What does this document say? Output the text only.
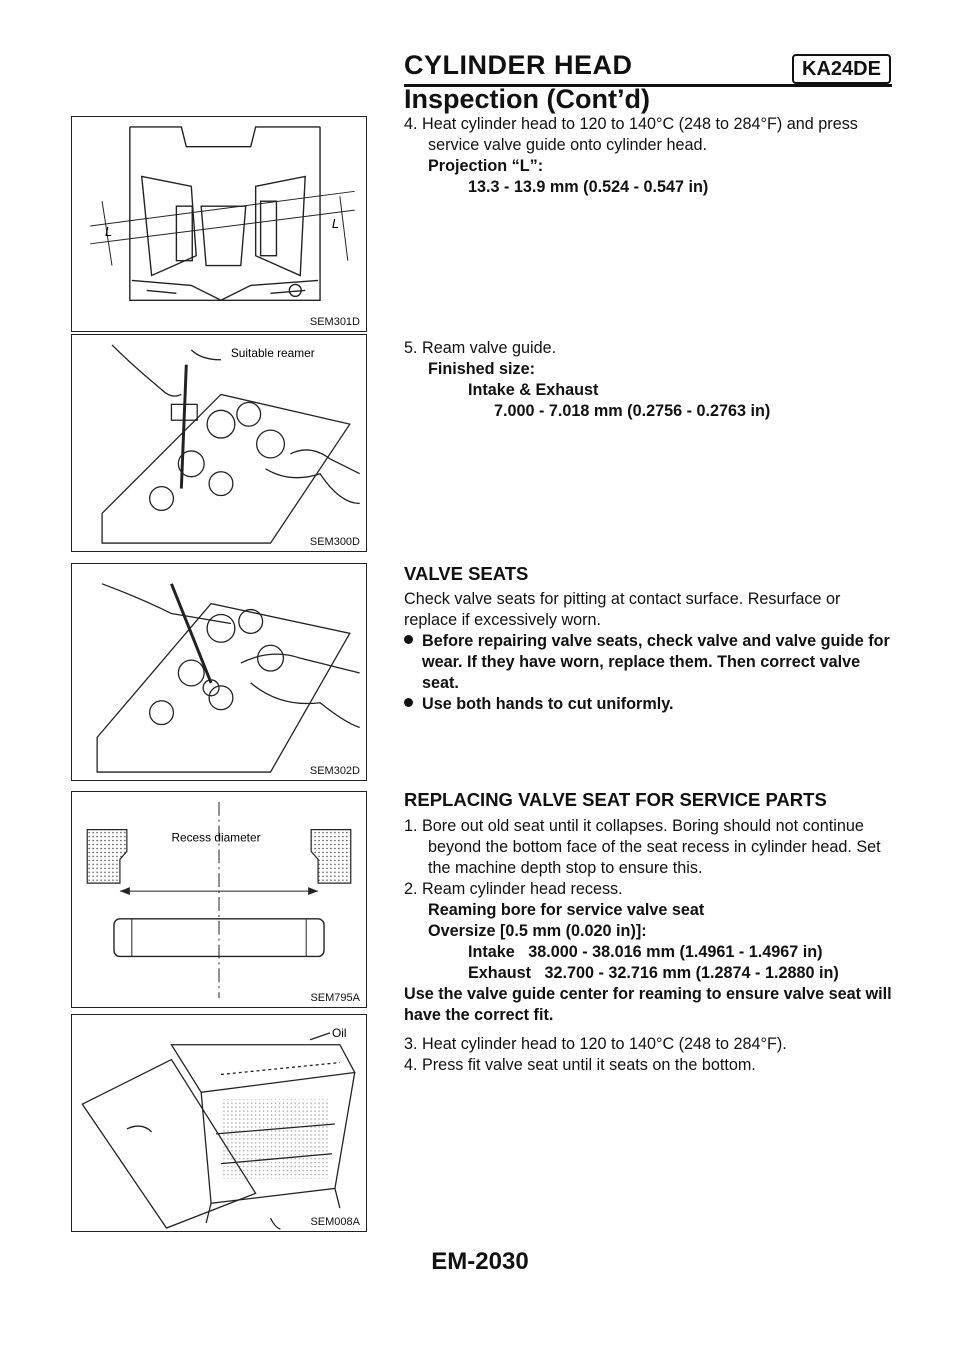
CYLINDER HEAD	KA24DE
Inspection (Cont’d)
L
L
SEM301D
Suitable reamer
SEM300D
SEM302D
Recess diameter
SEM795A
Oil
SEM008A
4. Heat cylinder head to 120 to 140°C (248 to 284°F) and press service valve guide onto cylinder head.
Projection “L”:
13.3 - 13.9 mm (0.524 - 0.547 in)
5. Ream valve guide.
Finished size:
Intake & Exhaust
7.000 - 7.018 mm (0.2756 - 0.2763 in)
VALVE SEATS
Check valve seats for pitting at contact surface. Resurface or replace if excessively worn.
Before repairing valve seats, check valve and valve guide for wear. If they have worn, replace them. Then correct valve seat.
Use both hands to cut uniformly.
REPLACING VALVE SEAT FOR SERVICE PARTS
1. Bore out old seat until it collapses. Boring should not continue beyond the bottom face of the seat recess in cylinder head. Set the machine depth stop to ensure this.
2. Ream cylinder head recess.
Reaming bore for service valve seat
Oversize [0.5 mm (0.020 in)]:
Intake   38.000 - 38.016 mm (1.4961 - 1.4967 in)
Exhaust   32.700 - 32.716 mm (1.2874 - 1.2880 in)
Use the valve guide center for reaming to ensure valve seat will have the correct fit.
3. Heat cylinder head to 120 to 140°C (248 to 284°F).
4. Press fit valve seat until it seats on the bottom.
EM-2030
